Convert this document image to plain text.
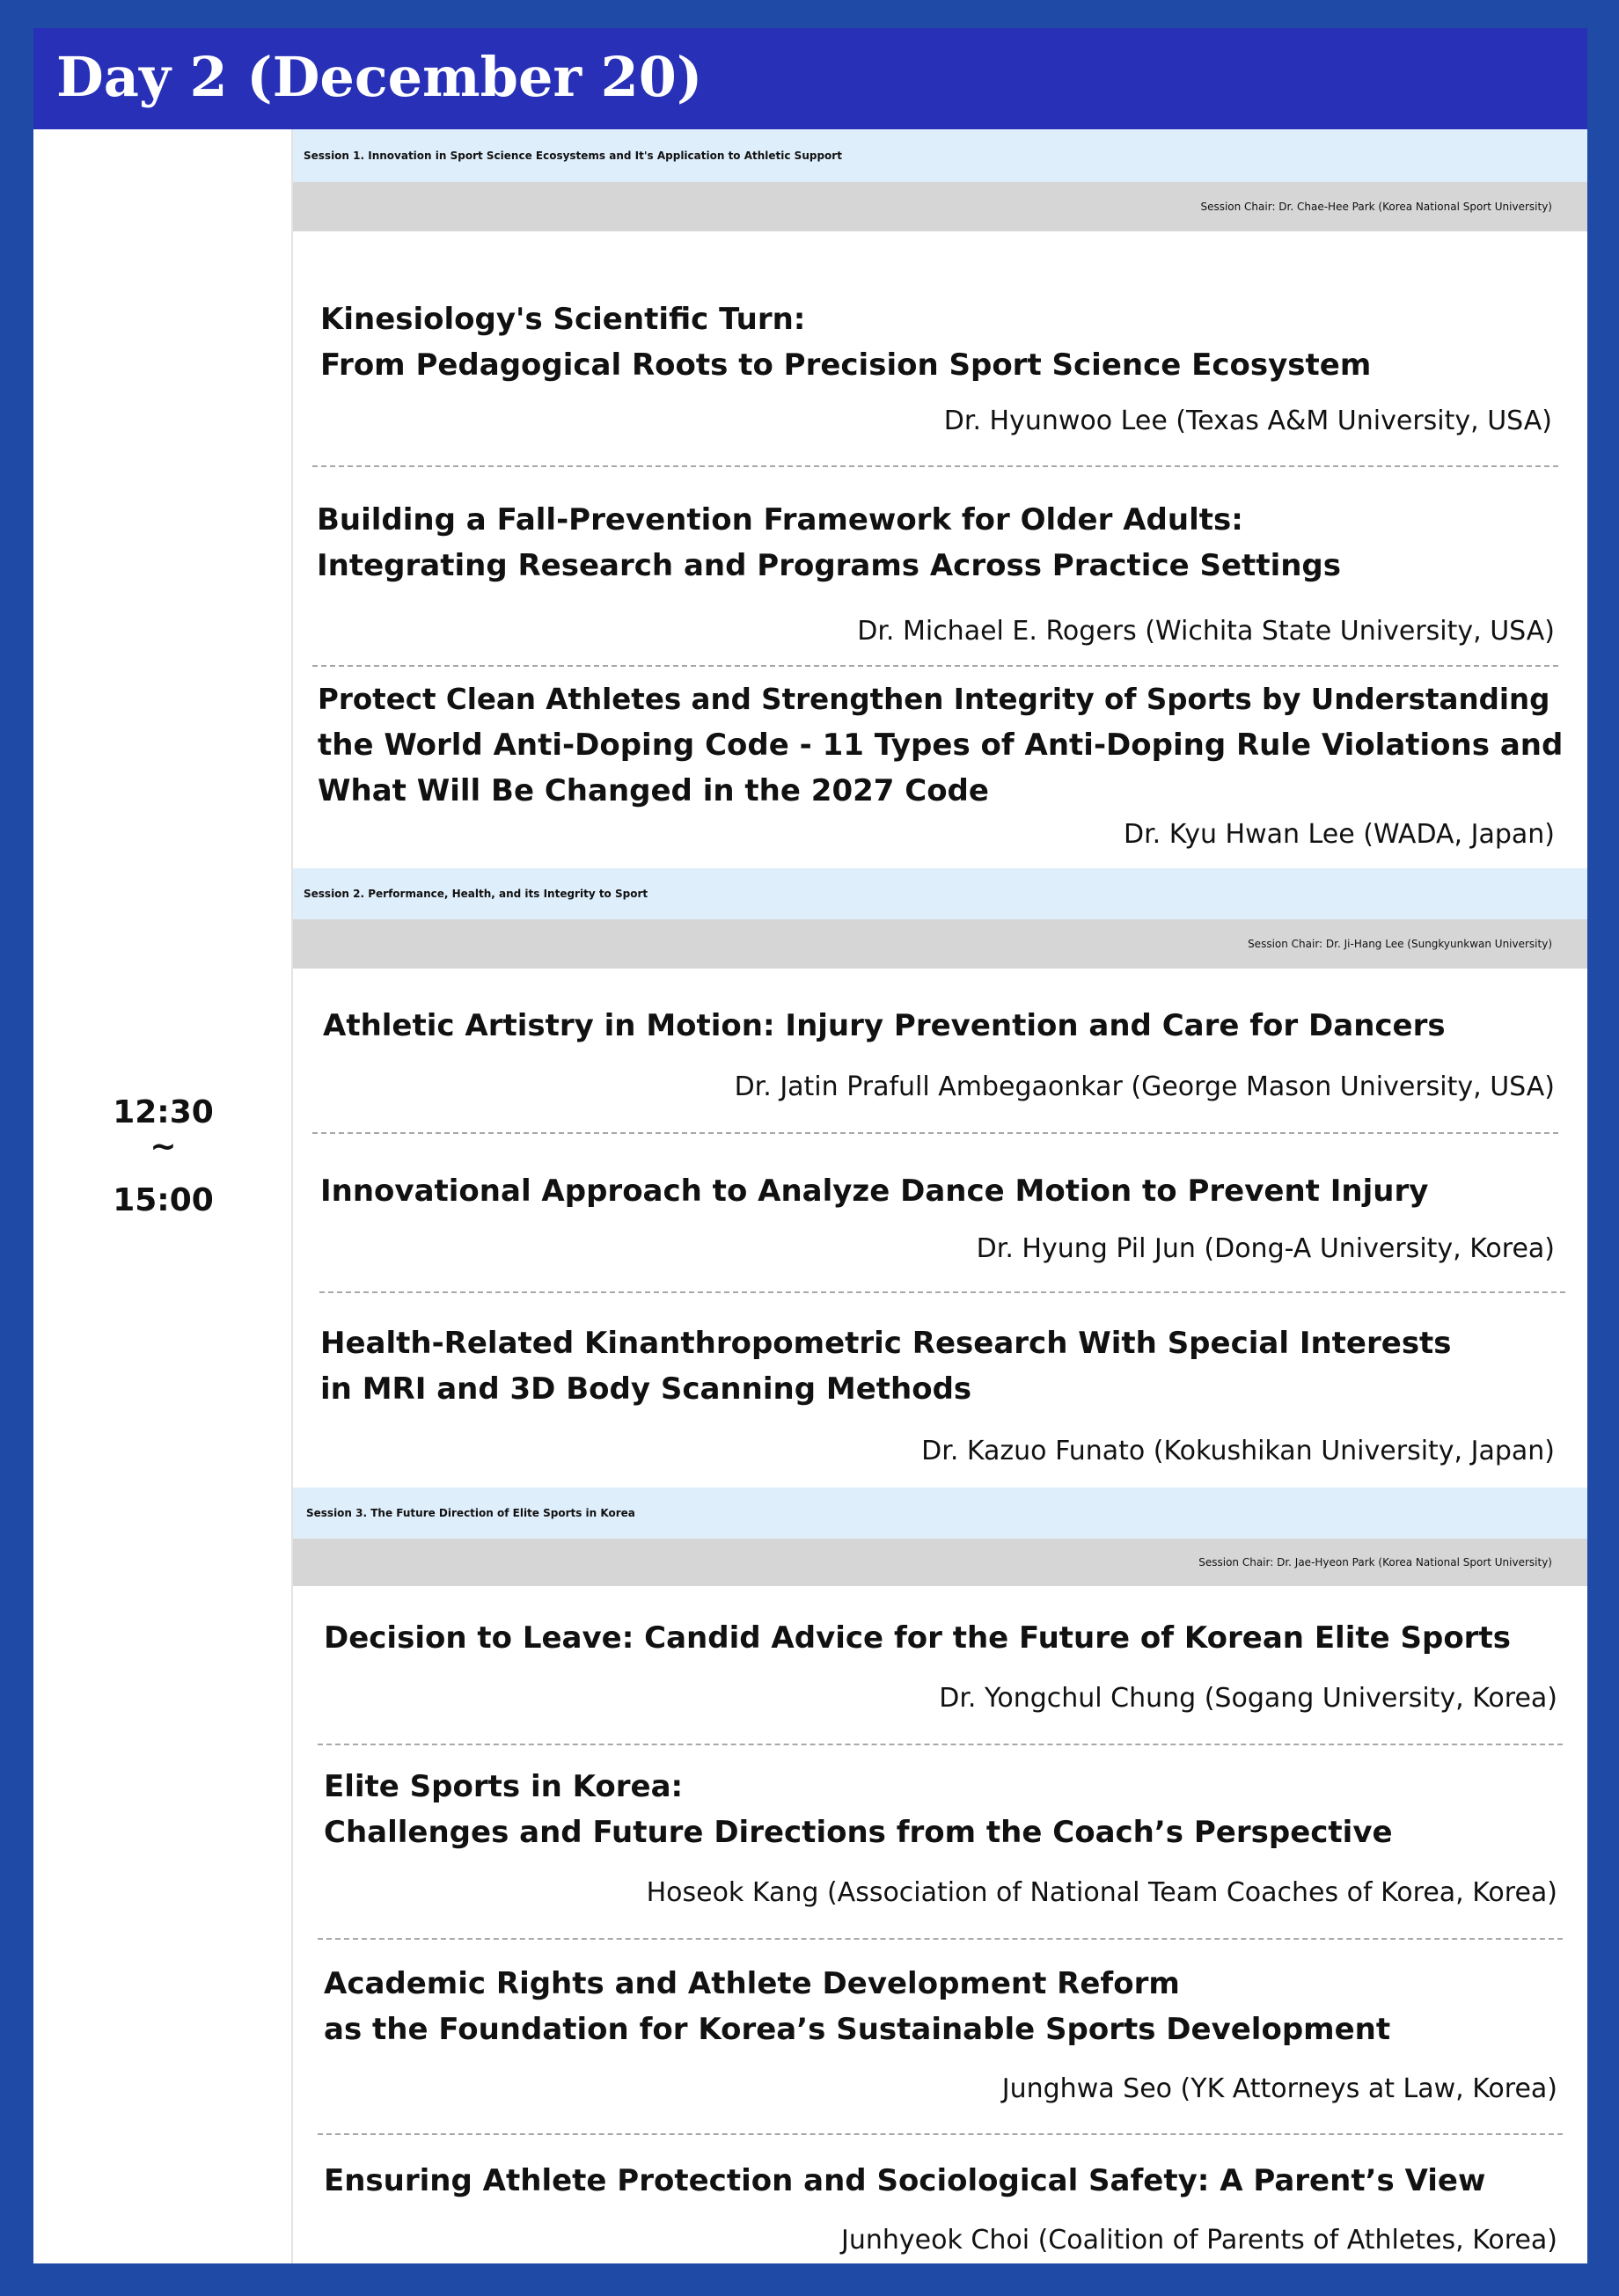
Day 2 (December 20)
12:30
~
15:00
Session 1. Innovation in Sport Science Ecosystems and It's Application to Athletic Support
Session Chair: Dr. Chae-Hee Park (Korea National Sport University)
Kinesiology's Scientific Turn:
From Pedagogical Roots to Precision Sport Science Ecosystem
Dr. Hyunwoo Lee (Texas A&M University, USA)
Building a Fall-Prevention Framework for Older Adults:
Integrating Research and Programs Across Practice Settings
Dr. Michael E. Rogers (Wichita State University, USA)
Protect Clean Athletes and Strengthen Integrity of Sports by Understanding
the World Anti-Doping Code - 11 Types of Anti-Doping Rule Violations and
What Will Be Changed in the 2027 Code
Dr. Kyu Hwan Lee (WADA, Japan)
Session 2. Performance, Health, and its Integrity to Sport
Session Chair: Dr. Ji-Hang Lee (Sungkyunkwan University)
Athletic Artistry in Motion: Injury Prevention and Care for Dancers
Dr. Jatin Prafull Ambegaonkar (George Mason University, USA)
Innovational Approach to Analyze Dance Motion to Prevent Injury
Dr. Hyung Pil Jun (Dong-A University, Korea)
Health-Related Kinanthropometric Research With Special Interests
in MRI and 3D Body Scanning Methods
Dr. Kazuo Funato (Kokushikan University, Japan)
Session 3. The Future Direction of Elite Sports in Korea
Session Chair: Dr. Jae-Hyeon Park (Korea National Sport University)
Decision to Leave: Candid Advice for the Future of Korean Elite Sports
Dr. Yongchul Chung (Sogang University, Korea)
Elite Sports in Korea:
Challenges and Future Directions from the Coach’s Perspective
Hoseok Kang (Association of National Team Coaches of Korea, Korea)
Academic Rights and Athlete Development Reform
as the Foundation for Korea’s Sustainable Sports Development
Junghwa Seo (YK Attorneys at Law, Korea)
Ensuring Athlete Protection and Sociological Safety: A Parent’s View
Junhyeok Choi (Coalition of Parents of Athletes, Korea)
